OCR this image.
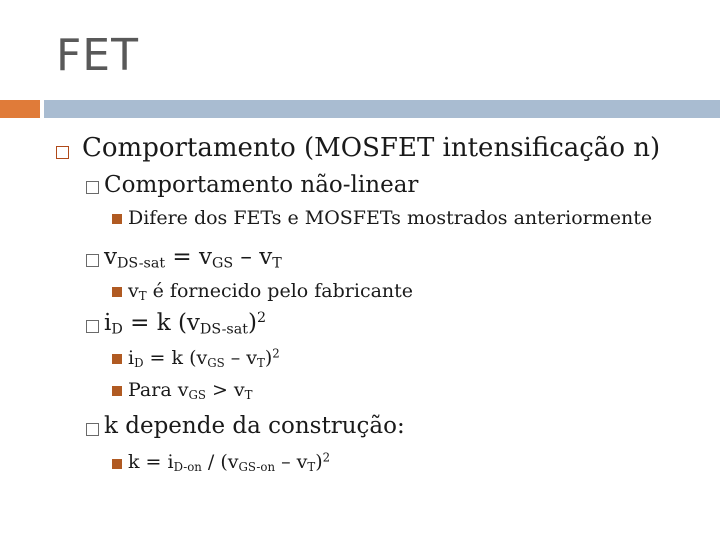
FET
Comportamento (MOSFET intensificação n)
Comportamento não-linear
Difere dos FETs e MOSFETs mostrados anteriormente
$v_{DS-sat} = v_{GS} - v_T$
$v_T$ é fornecido pelo fabricante
$i_D = k$ $(v_{DS-sat})^2$
$i_D = k$ $(v_{GS} - v_T)^2$
Para $v_{GS} > v_T$
k depende da construção:
$k = i_{D-on} / (v_{GS-on} - v_T)^2$
